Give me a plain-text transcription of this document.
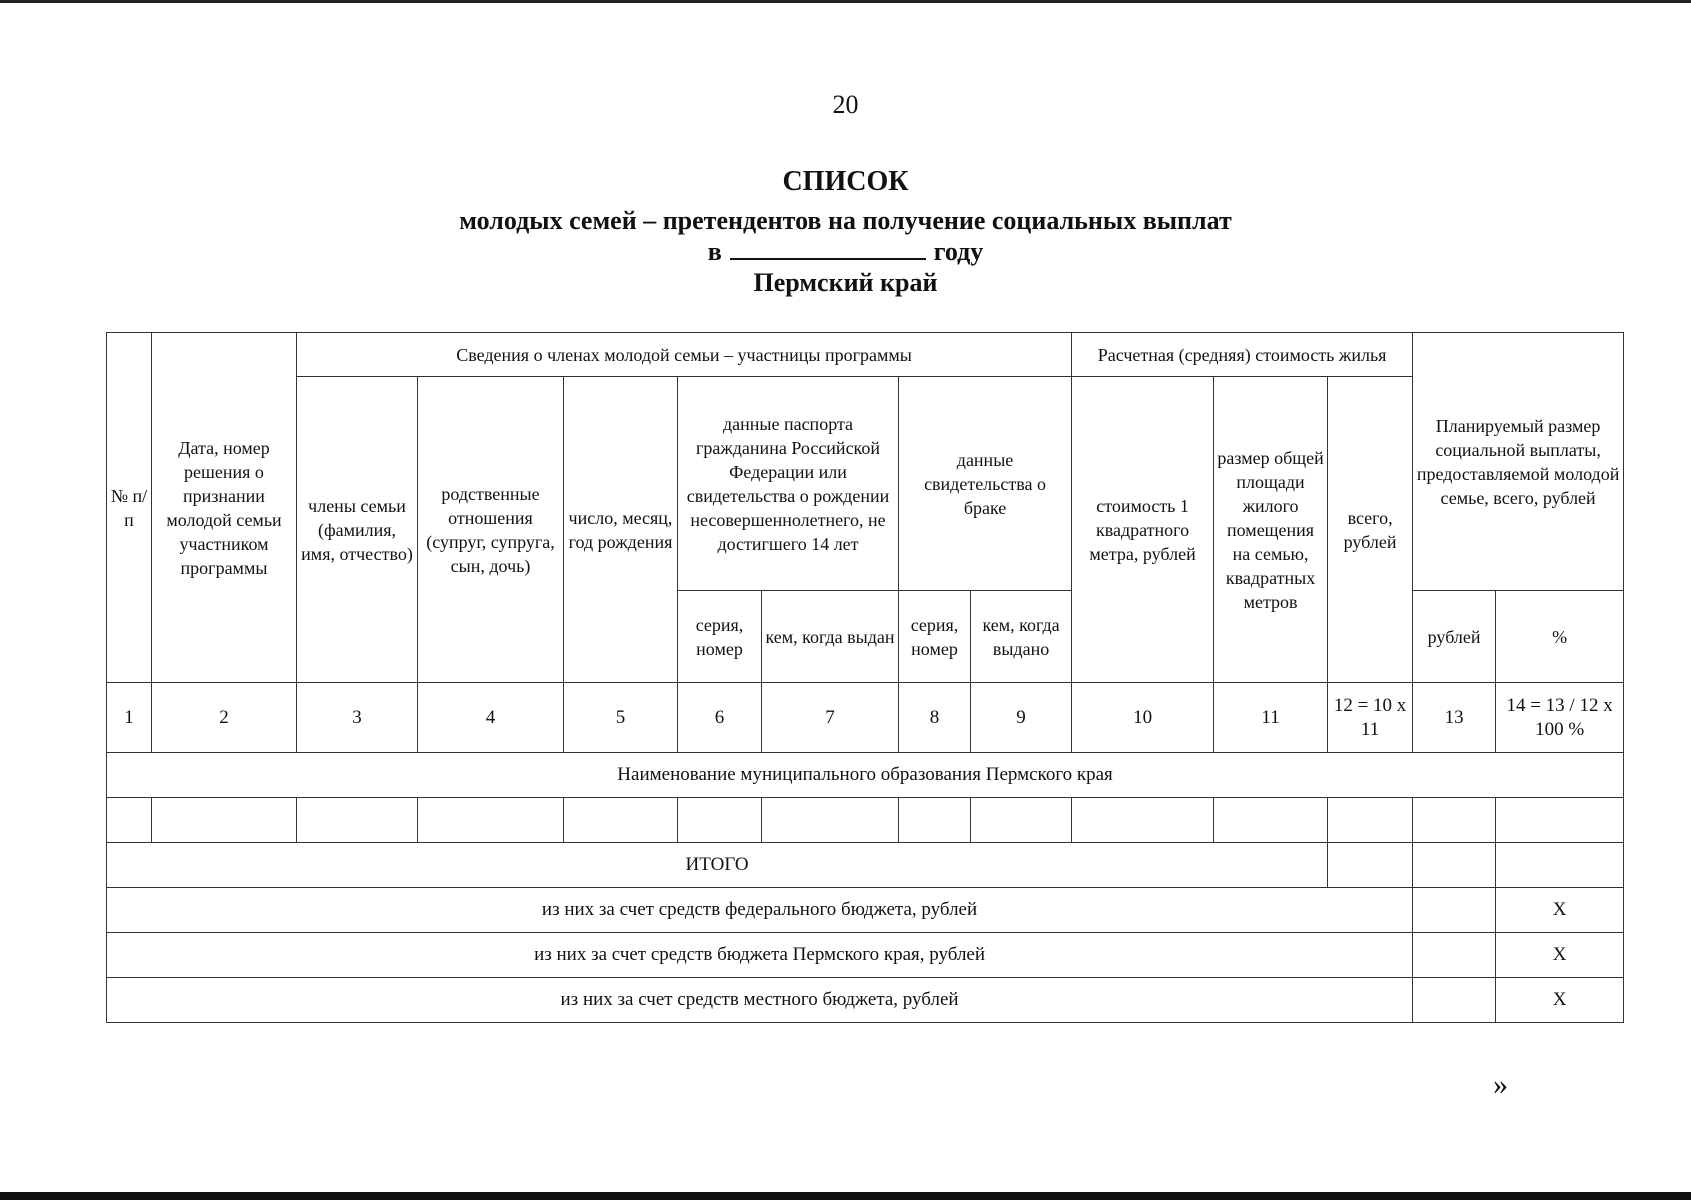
20
СПИСОК
молодых семей – претендентов на получение социальных выплат
в	году
Пермский край
№ п/п	Дата, номер решения о признании молодой семьи участником программы	Сведения о членах молодой семьи – участницы программы							Расчетная (средняя) стоимость жилья			Планируемый размер социальной выплаты, предоставляемой молодой семье, всего, рублей	
		члены семьи (фамилия, имя, отчество)	родственные отношения (супруг, супруга, сын, дочь)	число, месяц, год рождения	данные паспорта гражданина Российской Федерации или свидетельства о рождении несовершеннолетнего, не достигшего 14 лет		данные свидетельства о браке		стоимость 1 квадратного метра, рублей	размер общей площади жилого помещения на семью, квадратных метров	всего, рублей		
					серия, номер	кем, когда выдан	серия, номер	кем, когда выдано				рублей	%
1	2	3	4	5	6	7	8	9	10	11	12 = 10 х 11	13	14 = 13 / 12 х 100 %
Наименование муниципального образования Пермского края													

ИТОГО													
из них за счет средств федерального бюджета, рублей													Х
из них за счет средств бюджета Пермского края, рублей													Х
из них за счет средств местного бюджета, рублей													Х
»
